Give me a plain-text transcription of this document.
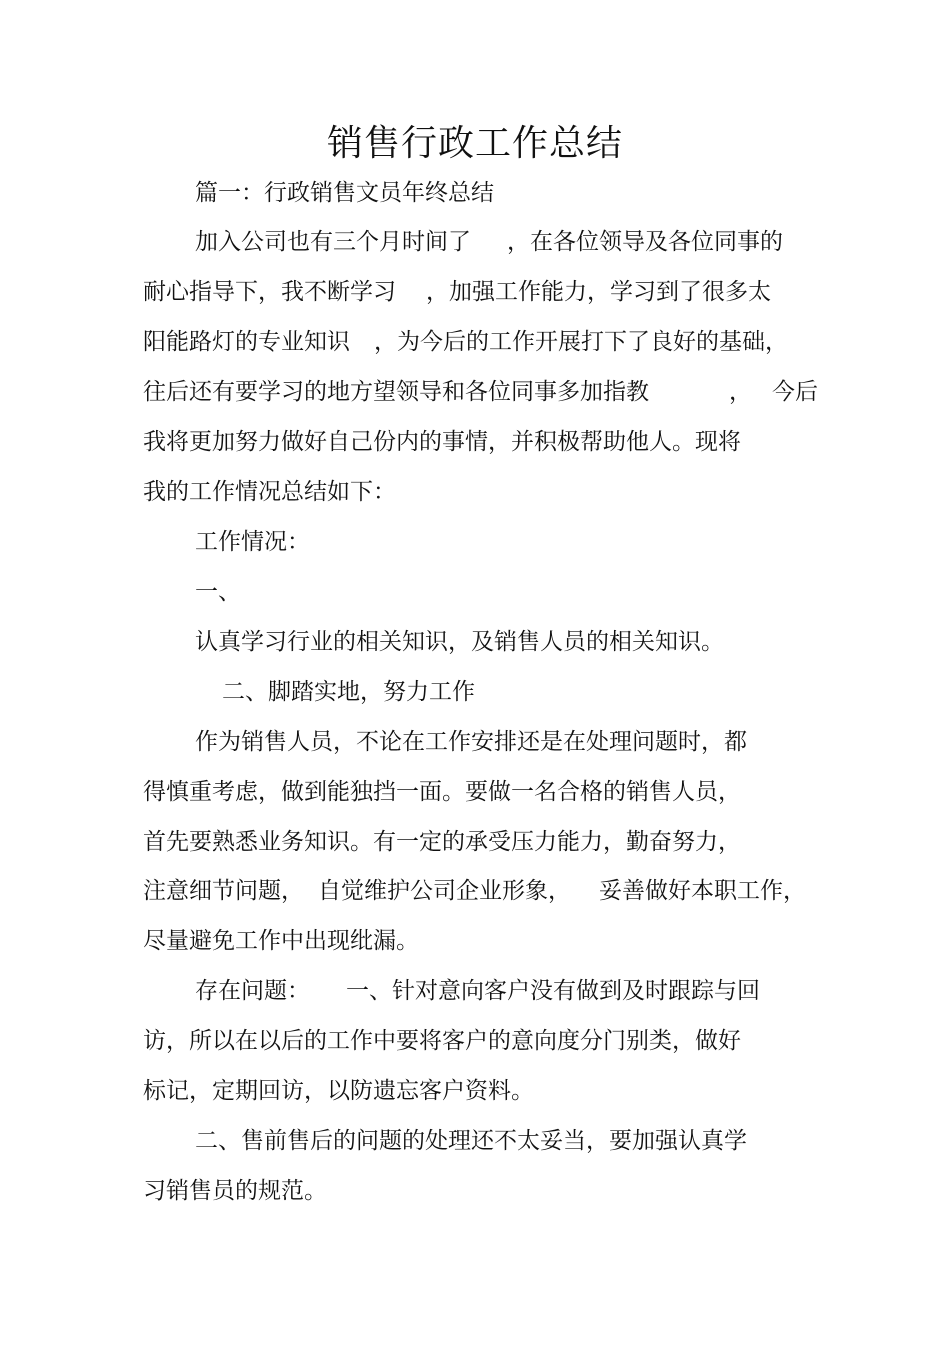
销售行政工作总结
篇一：行政销售文员年终总结
加入公司也有三个月时间了 ，在各位领导及各位同事的
耐心指导下，我不断学习 ，加强工作能力，学习到了很多太
阳能路灯的专业知识 ，为今后的工作开展打下了良好的基础，
往后还有要学习的地方望领导和各位同事多加指教	， 今后
我将更加努力做好自己份内的事情，并积极帮助他人。现将
我的工作情况总结如下：
工作情况：
一、
认真学习行业的相关知识，及销售人员的相关知识。
二、脚踏实地，努力工作
作为销售人员，不论在工作安排还是在处理问题时，都
得慎重考虑，做到能独挡一面。要做一名合格的销售人员，
首先要熟悉业务知识。有一定的承受压力能力，勤奋努力，
注意细节问题， 自觉维护公司企业形象， 妥善做好本职工作，
尽量避免工作中出现纰漏。
存在问题： 一、针对意向客户没有做到及时跟踪与回
访，所以在以后的工作中要将客户的意向度分门别类，做好
标记，定期回访，以防遗忘客户资料。
二、售前售后的问题的处理还不太妥当，要加强认真学
习销售员的规范。
